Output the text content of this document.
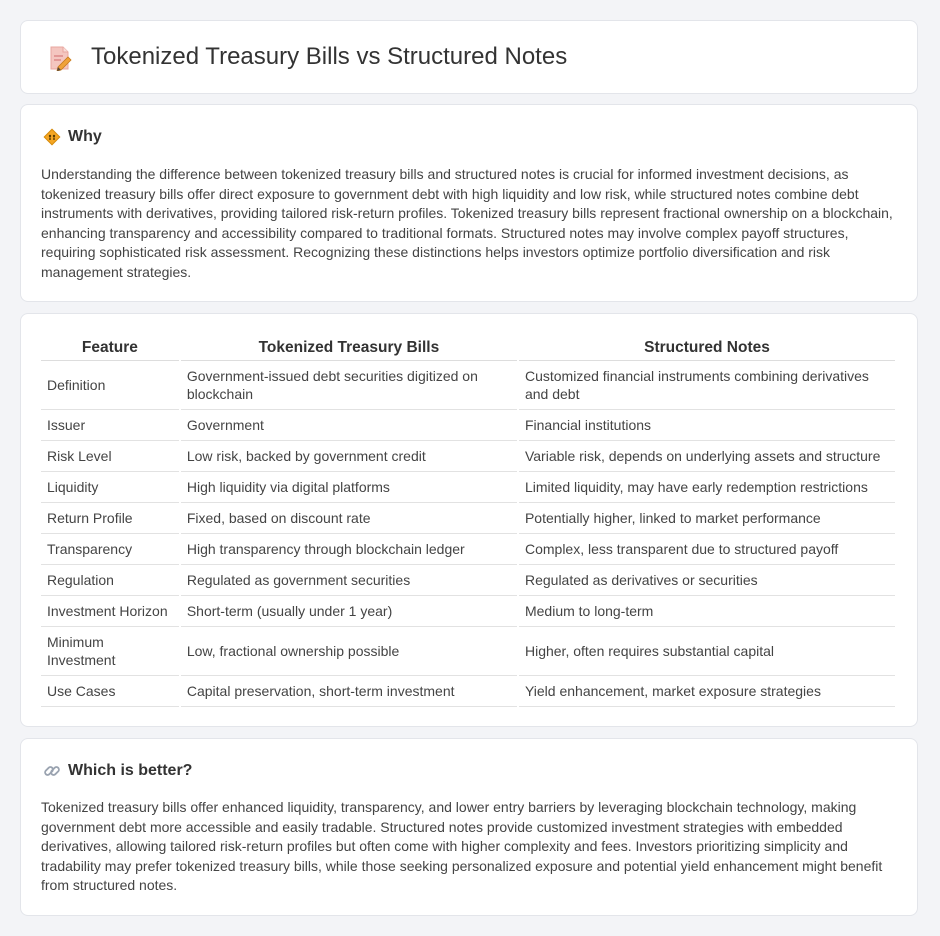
Tokenized Treasury Bills vs Structured Notes
Why

Understanding the difference between tokenized treasury bills and structured notes is crucial for informed investment decisions, as tokenized treasury bills offer direct exposure to government debt with high liquidity and low risk, while structured notes combine debt instruments with derivatives, providing tailored risk-return profiles. Tokenized treasury bills represent fractional ownership on a blockchain, enhancing transparency and accessibility compared to traditional formats. Structured notes may involve complex payoff structures, requiring sophisticated risk assessment. Recognizing these distinctions helps investors optimize portfolio diversification and risk management strategies.

Feature	Tokenized Treasury Bills	Structured Notes
Definition	Government-issued debt securities digitized on blockchain	Customized financial instruments combining derivatives and debt
Issuer	Government	Financial institutions
Risk Level	Low risk, backed by government credit	Variable risk, depends on underlying assets and structure
Liquidity	High liquidity via digital platforms	Limited liquidity, may have early redemption restrictions
Return Profile	Fixed, based on discount rate	Potentially higher, linked to market performance
Transparency	High transparency through blockchain ledger	Complex, less transparent due to structured payoff
Regulation	Regulated as government securities	Regulated as derivatives or securities
Investment Horizon	Short-term (usually under 1 year)	Medium to long-term
Minimum Investment	Low, fractional ownership possible	Higher, often requires substantial capital
Use Cases	Capital preservation, short-term investment	Yield enhancement, market exposure strategies
Which is better?

Tokenized treasury bills offer enhanced liquidity, transparency, and lower entry barriers by leveraging blockchain technology, making government debt more accessible and easily tradable. Structured notes provide customized investment strategies with embedded derivatives, allowing tailored risk-return profiles but often come with higher complexity and fees. Investors prioritizing simplicity and tradability may prefer tokenized treasury bills, while those seeking personalized exposure and potential yield enhancement might benefit from structured notes.
